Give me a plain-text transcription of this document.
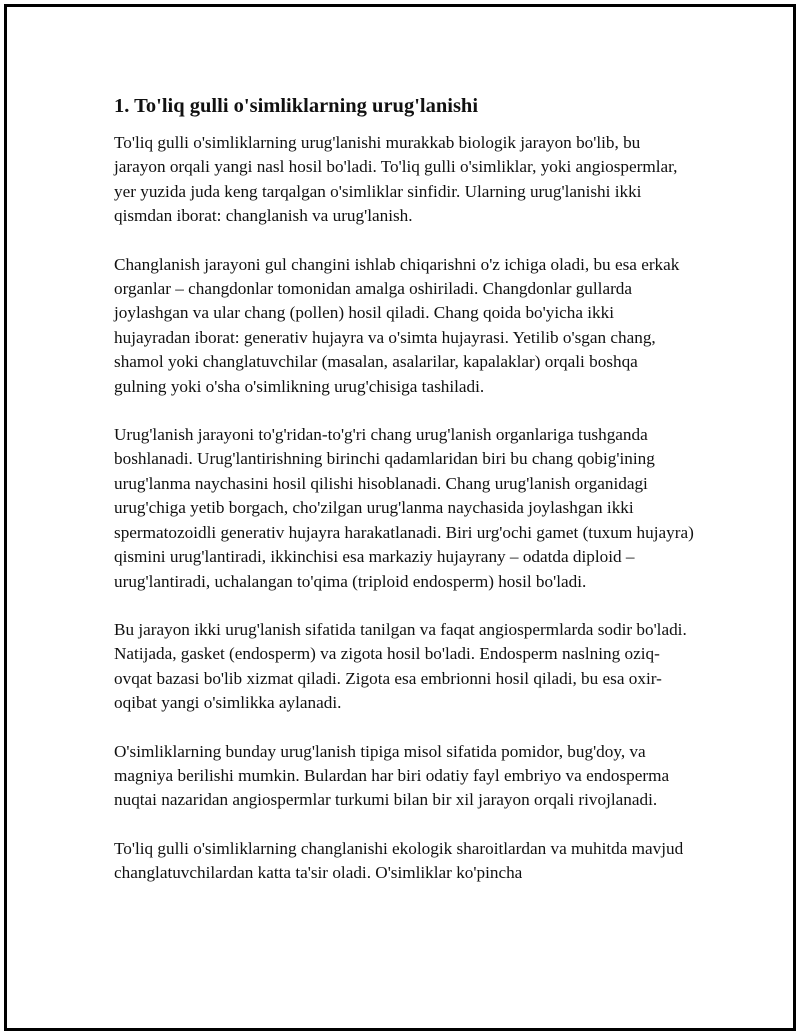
1. To'liq gulli o'simliklarning urug'lanishi

To'liq gulli o'simliklarning urug'lanishi murakkab biologik jarayon bo'lib, bu jarayon orqali yangi nasl hosil bo'ladi. To'liq gulli o'simliklar, yoki angiospermlar, yer yuzida juda keng tarqalgan o'simliklar sinfidir. Ularning urug'lanishi ikki qismdan iborat: changlanish va urug'lanish.

Changlanish jarayoni gul changini ishlab chiqarishni o'z ichiga oladi, bu esa erkak organlar – changdonlar tomonidan amalga oshiriladi. Changdonlar gullarda joylashgan va ular chang (pollen) hosil qiladi. Chang qoida bo'yicha ikki hujayradan iborat: generativ hujayra va o'simta hujayrasi. Yetilib o'sgan chang, shamol yoki changlatuvchilar (masalan, asalarilar, kapalaklar) orqali boshqa gulning yoki o'sha o'simlikning urug'chisiga tashiladi.

Urug'lanish jarayoni to'g'ridan-to'g'ri chang urug'lanish organlariga tushganda boshlanadi. Urug'lantirishning birinchi qadamlaridan biri bu chang qobig'ining urug'lanma naychasini hosil qilishi hisoblanadi. Chang urug'lanish organidagi urug'chiga yetib borgach, cho'zilgan urug'lanma naychasida joylashgan ikki spermatozoidli generativ hujayra harakatlanadi. Biri urg'ochi gamet (tuxum hujayra) qismini urug'lantiradi, ikkinchisi esa markaziy hujayrany – odatda diploid – urug'lantiradi, uchalangan to'qima (triploid endosperm) hosil bo'ladi.

Bu jarayon ikki urug'lanish sifatida tanilgan va faqat angiospermlarda sodir bo'ladi. Natijada, gasket (endosperm) va zigota hosil bo'ladi. Endosperm naslning oziq-ovqat bazasi bo'lib xizmat qiladi. Zigota esa embrionni hosil qiladi, bu esa oxir-oqibat yangi o'simlikka aylanadi.

O'simliklarning bunday urug'lanish tipiga misol sifatida pomidor, bug'doy, va magniya berilishi mumkin. Bulardan har biri odatiy fayl embriyo va endosperma nuqtai nazaridan angiospermlar turkumi bilan bir xil jarayon orqali rivojlanadi.

To'liq gulli o'simliklarning changlanishi ekologik sharoitlardan va muhitda mavjud changlatuvchilardan katta ta'sir oladi. O'simliklar ko'pincha
